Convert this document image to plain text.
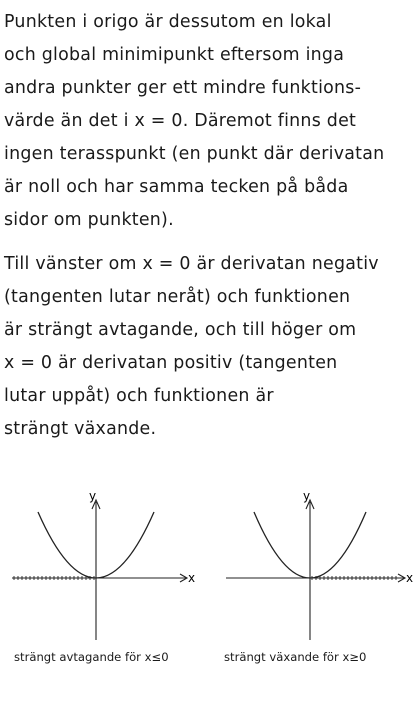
Punkten i origo är dessutom en lokal
och global minimipunkt eftersom inga
andra punkter ger ett mindre funktions-
värde än det i x = 0. Däremot finns det
ingen terasspunkt (en punkt där derivatan
är noll och har samma tecken på båda
sidor om punkten).
Till vänster om x = 0 är derivatan negativ
(tangenten lutar neråt) och funktionen
är strängt avtagande, och till höger om
x = 0 är derivatan positiv (tangenten
lutar uppåt) och funktionen är
strängt växande.
y
x
y
x
strängt avtagande för x≤0	strängt växande för x≥0
